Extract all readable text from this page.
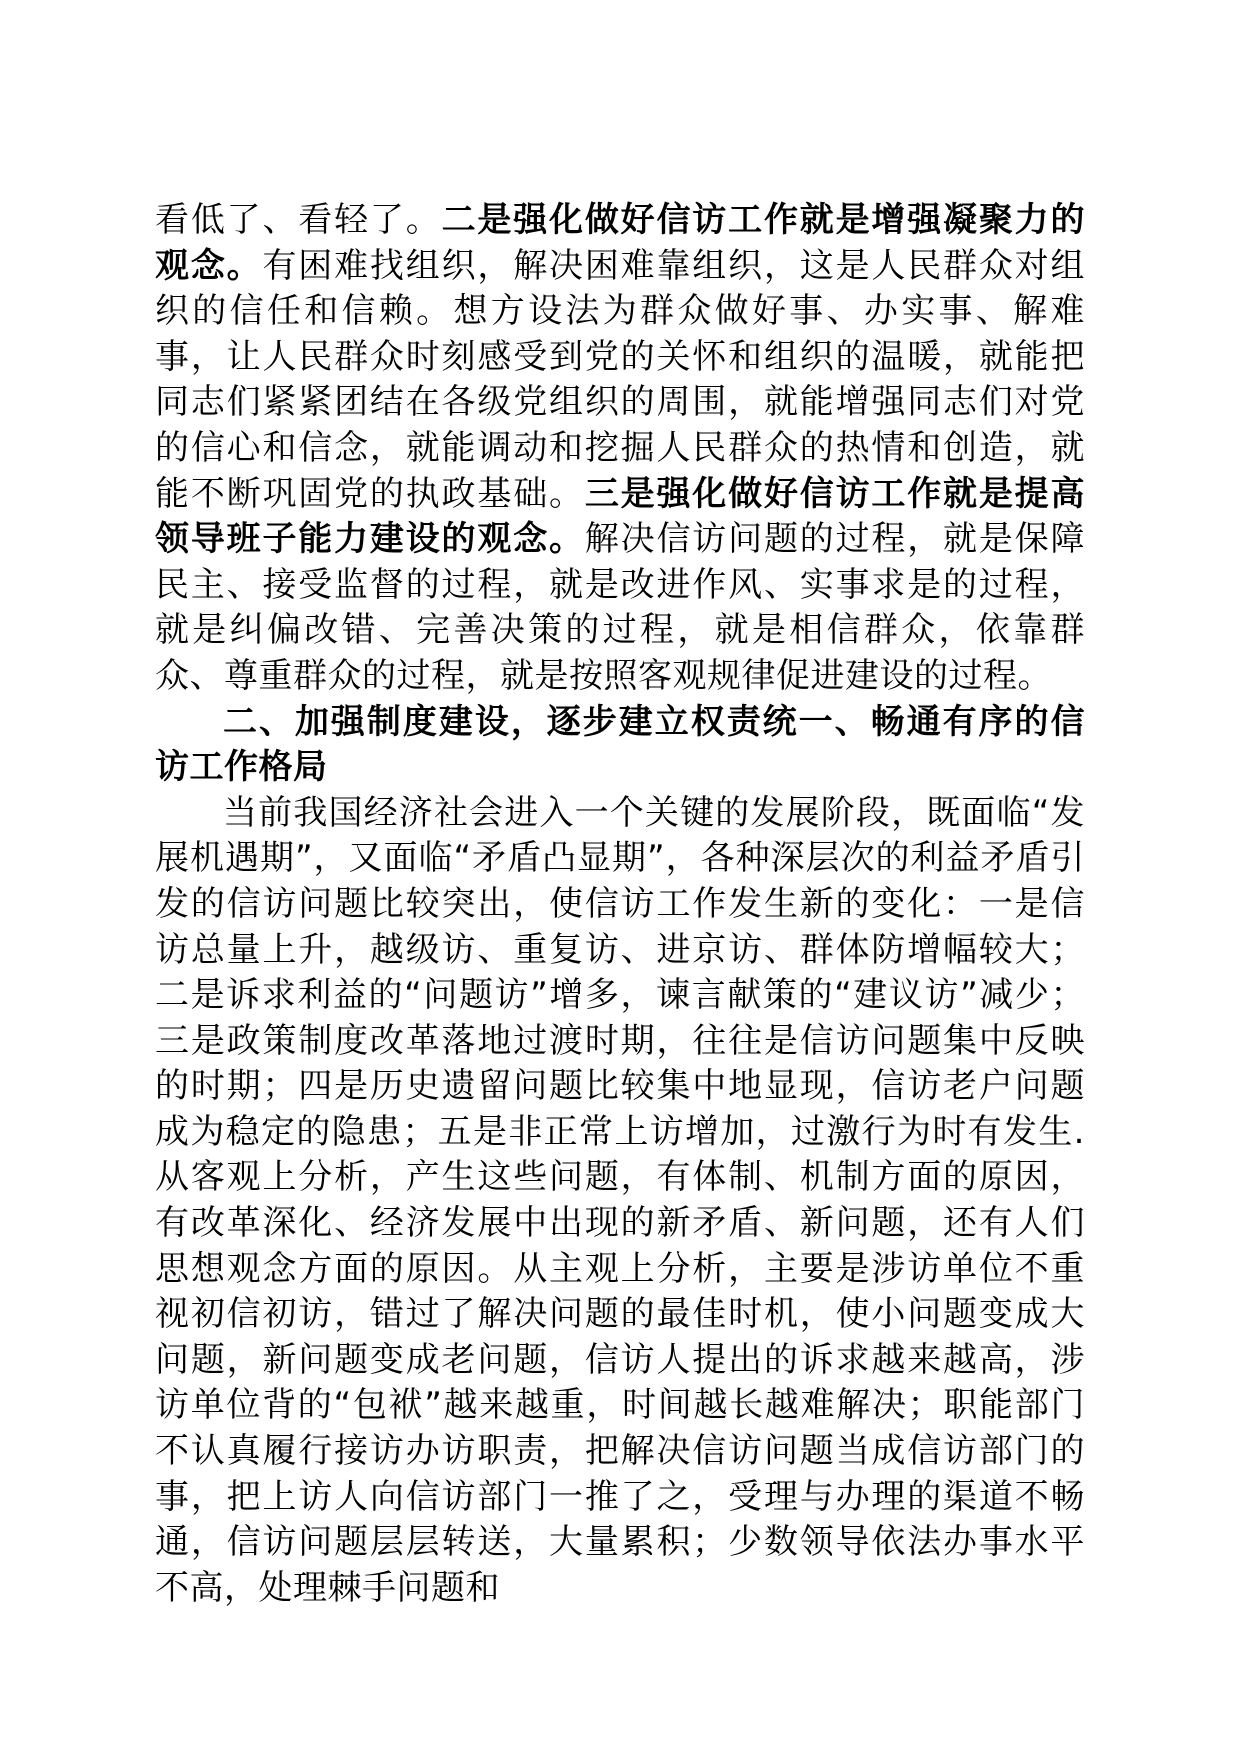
看低了、看轻了。二是强化做好信访工作就是增强凝聚力的观念。有困难找组织，解决困难靠组织，这是人民群众对组织的信任和信赖。想方设法为群众做好事、办实事、解难事，让人民群众时刻感受到党的关怀和组织的温暖，就能把同志们紧紧团结在各级党组织的周围，就能增强同志们对党的信心和信念，就能调动和挖掘人民群众的热情和创造，就能不断巩固党的执政基础。三是强化做好信访工作就是提高领导班子能力建设的观念。解决信访问题的过程，就是保障民主、接受监督的过程，就是改进作风、实事求是的过程，就是纠偏改错、完善决策的过程，就是相信群众，依靠群众、尊重群众的过程，就是按照客观规律促进建设的过程。

二、加强制度建设，逐步建立权责统一、畅通有序的信访工作格局

当前我国经济社会进入一个关键的发展阶段，既面临“发展机遇期”，又面临“矛盾凸显期”，各种深层次的利益矛盾引发的信访问题比较突出，使信访工作发生新的变化：一是信访总量上升，越级访、重复访、进京访、群体防增幅较大；二是诉求利益的“问题访”增多，谏言献策的“建议访”减少；三是政策制度改革落地过渡时期，往往是信访问题集中反映的时期；四是历史遗留问题比较集中地显现，信访老户问题成为稳定的隐患；五是非正常上访增加，过激行为时有发生.从客观上分析，产生这些问题，有体制、机制方面的原因，有改革深化、经济发展中出现的新矛盾、新问题，还有人们思想观念方面的原因。从主观上分析，主要是涉访单位不重视初信初访，错过了解决问题的最佳时机，使小问题变成大问题，新问题变成老问题，信访人提出的诉求越来越高，涉访单位背的“包袱”越来越重，时间越长越难解决；职能部门不认真履行接访办访职责，把解决信访问题当成信访部门的事，把上访人向信访部门一推了之，受理与办理的渠道不畅通，信访问题层层转送，大量累积；少数领导依法办事水平不高，处理棘手问题和
